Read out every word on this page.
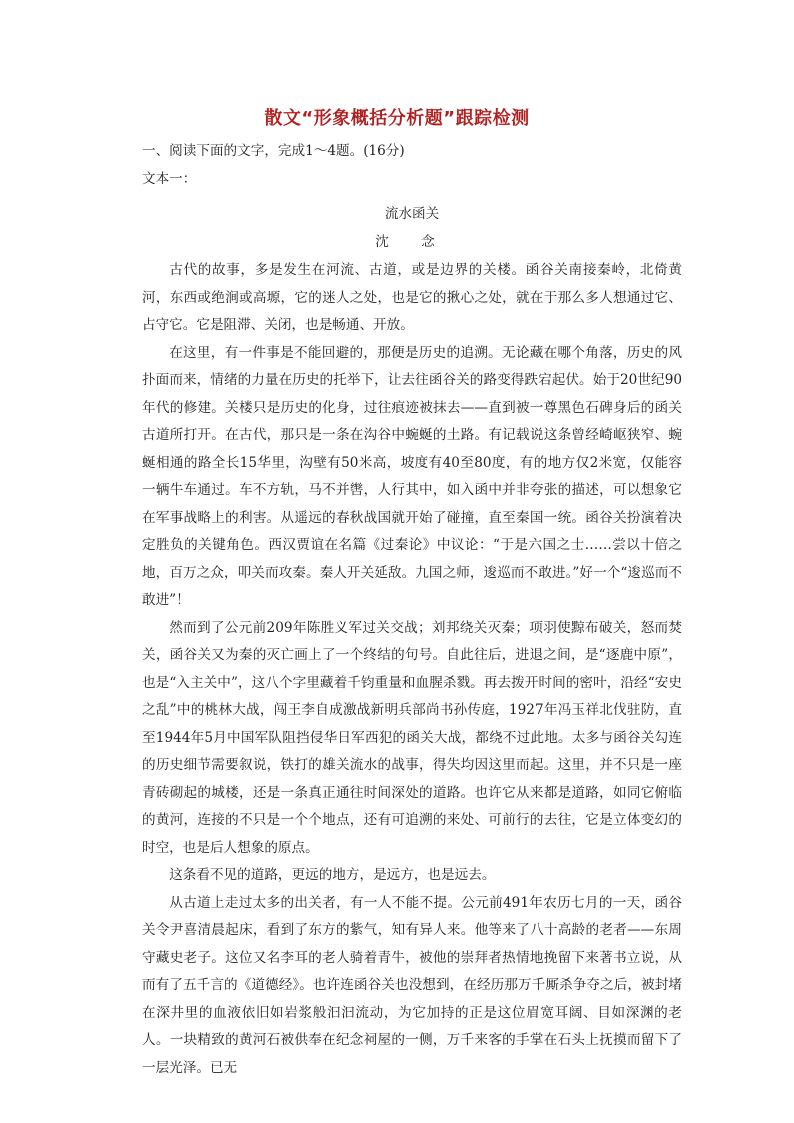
散文“形象概括分析题”跟踪检测

一、阅读下面的文字，完成1～4题。(16分)

文本一：

流水函关

沈 念

古代的故事，多是发生在河流、古道，或是边界的关楼。函谷关南接秦岭，北倚黄河，东西或绝涧或高塬，它的迷人之处，也是它的揪心之处，就在于那么多人想通过它、占守它。它是阻滞、关闭，也是畅通、开放。

在这里，有一件事是不能回避的，那便是历史的追溯。无论藏在哪个角落，历史的风扑面而来，情绪的力量在历史的托举下，让去往函谷关的路变得跌宕起伏。始于20世纪90年代的修建。关楼只是历史的化身，过往痕迹被抹去——直到被一尊黑色石碑身后的函关古道所打开。在古代，那只是一条在沟谷中蜿蜒的土路。有记载说这条曾经崎岖狭窄、蜿蜒相通的路全长15华里，沟壁有50米高，坡度有40至80度，有的地方仅2米宽，仅能容一辆牛车通过。车不方轨，马不并辔，人行其中，如入函中并非夸张的描述，可以想象它在军事战略上的利害。从遥远的春秋战国就开始了碰撞，直至秦国一统。函谷关扮演着决定胜负的关键角色。西汉贾谊在名篇《过秦论》中议论：“于是六国之士……尝以十倍之地，百万之众，叩关而攻秦。秦人开关延敌。九国之师，逡巡而不敢进。”好一个“逡巡而不敢进”！

然而到了公元前209年陈胜义军过关交战；刘邦绕关灭秦；项羽使黥布破关，怒而焚关，函谷关又为秦的灭亡画上了一个终结的句号。自此往后，进退之间，是“逐鹿中原”，也是“入主关中”，这八个字里藏着千钧重量和血腥杀戮。再去拨开时间的密叶，沿经“安史之乱”中的桃林大战，闯王李自成激战新明兵部尚书孙传庭，1927年冯玉祥北伐驻防，直至1944年5月中国军队阻挡侵华日军西犯的函关大战，都绕不过此地。太多与函谷关勾连的历史细节需要叙说，铁打的雄关流水的战事，得失均因这里而起。这里，并不只是一座青砖砌起的城楼，还是一条真正通往时间深处的道路。也许它从来都是道路，如同它俯临的黄河，连接的不只是一个个地点，还有可追溯的来处、可前行的去往，它是立体变幻的时空，也是后人想象的原点。

这条看不见的道路，更远的地方，是远方，也是远去。

从古道上走过太多的出关者，有一人不能不提。公元前491年农历七月的一天，函谷关令尹喜清晨起床，看到了东方的紫气，知有异人来。他等来了八十高龄的老者——东周守藏史老子。这位又名李耳的老人骑着青牛，被他的崇拜者热情地挽留下来著书立说，从而有了五千言的《道德经》。也许连函谷关也没想到，在经历那万千厮杀争夺之后，被封堵在深井里的血液依旧如岩浆般汩汩流动，为它加持的正是这位眉宽耳阔、目如深渊的老人。一块精致的黄河石被供奉在纪念祠屋的一侧，万千来客的手掌在石头上抚摸而留下了一层光泽。已无
